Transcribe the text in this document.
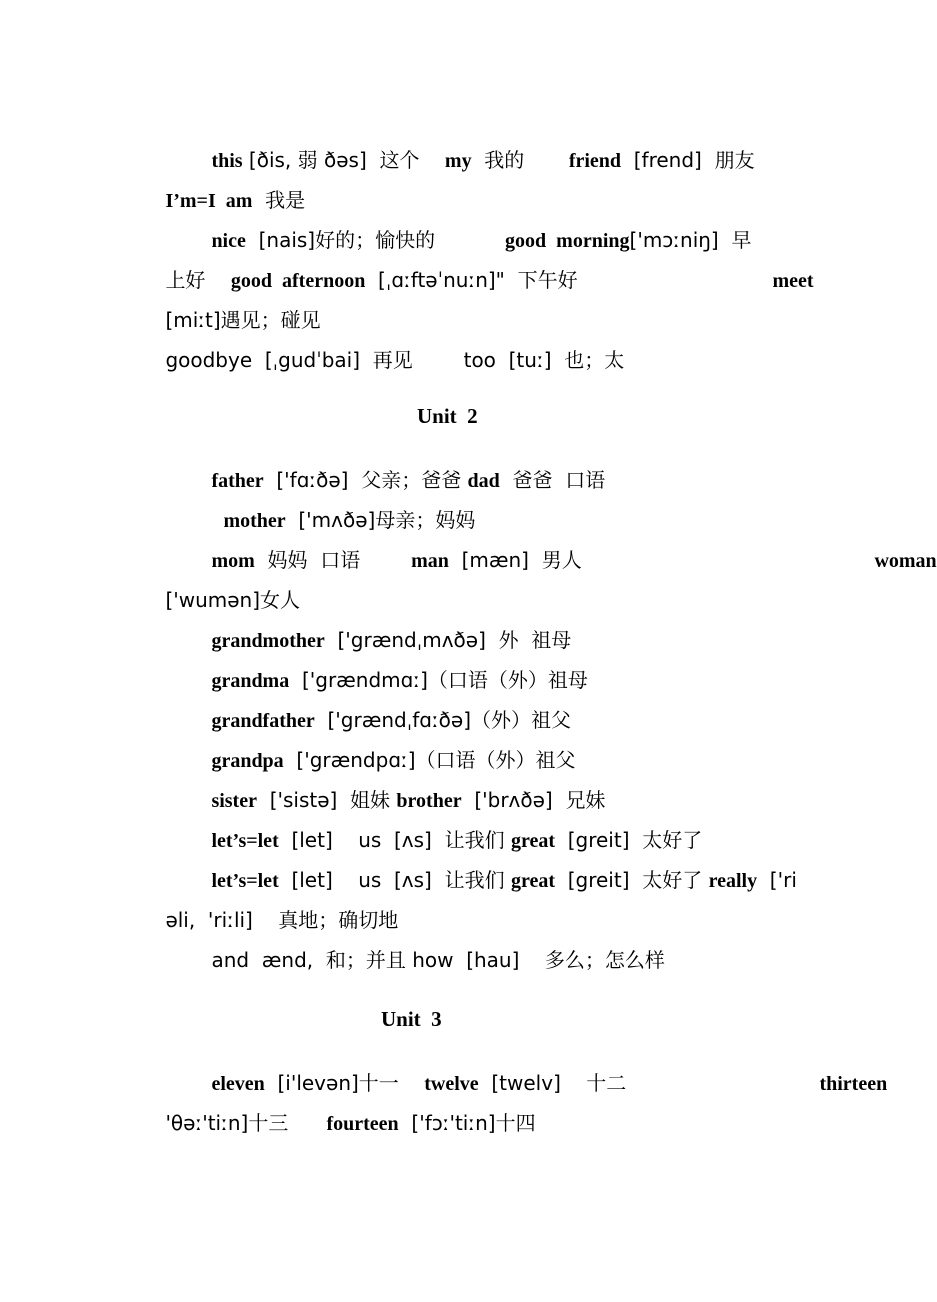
this [ðis, 弱 ðəs]  这个    my  我的       friend  [frend]  朋友

I’m=I  am  我是

nice  [nais]好的；愉快的           good  morning['mɔːniŋ]  早

上好    good  afternoon  [ˌɑːftəˈnuːn]"  下午好
	meet

[miːt]遇见；碰见

goodbye  [ˌgudˈbai]  再见        too  [tuː]  也；太

Unit  2

father  ['fɑːðə]  父亲；爸爸 dad  爸爸  口语

mother  ['mʌðə]母亲；妈妈

mom  妈妈  口语        man  [mæn]  男人
	woman

['wumən]女人

grandmother  ['grændˌmʌðə]  外  祖母

grandma  ['grændmɑː]（口语（外）祖母

grandfather  ['grændˌfɑːðə]（外）祖父

grandpa  ['grændpɑː]（口语（外）祖父

sister  ['sistə]  姐妹 brother  ['brʌðə]  兄妹

let’s=let  [let]    us  [ʌs]  让我们 great  [greit]  太好了

let’s=let  [let]    us  [ʌs]  让我们 great  [greit]  太好了 really  ['ri

əli,  'riːli]    真地；确切地

and  ænd,  和；并且 how  [hau]    多么；怎么样

Unit  3

eleven  [i'levən]十一    twelve  [twelv]    十二
	thirteen

'θəː'tiːn]十三      fourteen  ['fɔː'tiːn]十四
